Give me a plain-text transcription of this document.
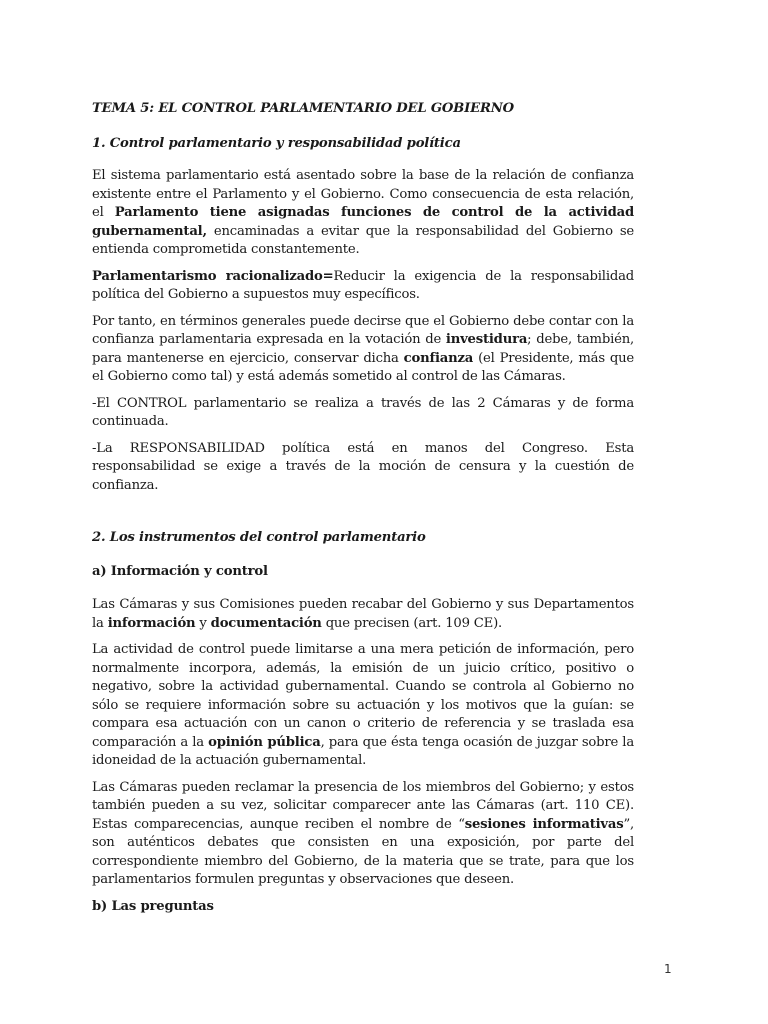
TEMA 5: EL CONTROL PARLAMENTARIO DEL GOBIERNO

1. Control parlamentario y responsabilidad política

El sistema parlamentario está asentado sobre la base de la relación de confianza existente entre el Parlamento y el Gobierno. Como consecuencia de esta relación, el Parlamento tiene asignadas funciones de control de la actividad gubernamental, encaminadas a evitar que la responsabilidad del Gobierno se entienda comprometida constantemente.

Parlamentarismo racionalizado=Reducir la exigencia de la responsabilidad política del Gobierno a supuestos muy específicos.

Por tanto, en términos generales puede decirse que el Gobierno debe contar con la confianza parlamentaria expresada en la votación de investidura; debe, también, para mantenerse en ejercicio, conservar dicha confianza (el Presidente, más que el Gobierno como tal) y está además sometido al control de las Cámaras.

-El CONTROL parlamentario se realiza a través de las 2 Cámaras y de forma continuada.

-La RESPONSABILIDAD política está en manos del Congreso. Esta responsabilidad se exige a través de la moción de censura y la cuestión de confianza.

2. Los instrumentos del control parlamentario

a) Información y control

Las Cámaras y sus Comisiones pueden recabar del Gobierno y sus Departamentos la información y documentación que precisen (art. 109 CE).

La actividad de control puede limitarse a una mera petición de información, pero normalmente incorpora, además, la emisión de un juicio crítico, positivo o negativo, sobre la actividad gubernamental. Cuando se controla al Gobierno no sólo se requiere información sobre su actuación y los motivos que la guían: se compara esa actuación con un canon o criterio de referencia y se traslada esa comparación a la opinión pública, para que ésta tenga ocasión de juzgar sobre la idoneidad de la actuación gubernamental.

Las Cámaras pueden reclamar la presencia de los miembros del Gobierno; y estos también pueden a su vez, solicitar comparecer ante las Cámaras (art. 110 CE). Estas comparecencias, aunque reciben el nombre de “sesiones informativas”, son auténticos debates que consisten en una exposición, por parte del correspondiente miembro del Gobierno, de la materia que se trate, para que los parlamentarios formulen preguntas y observaciones que deseen.

b) Las preguntas

1
